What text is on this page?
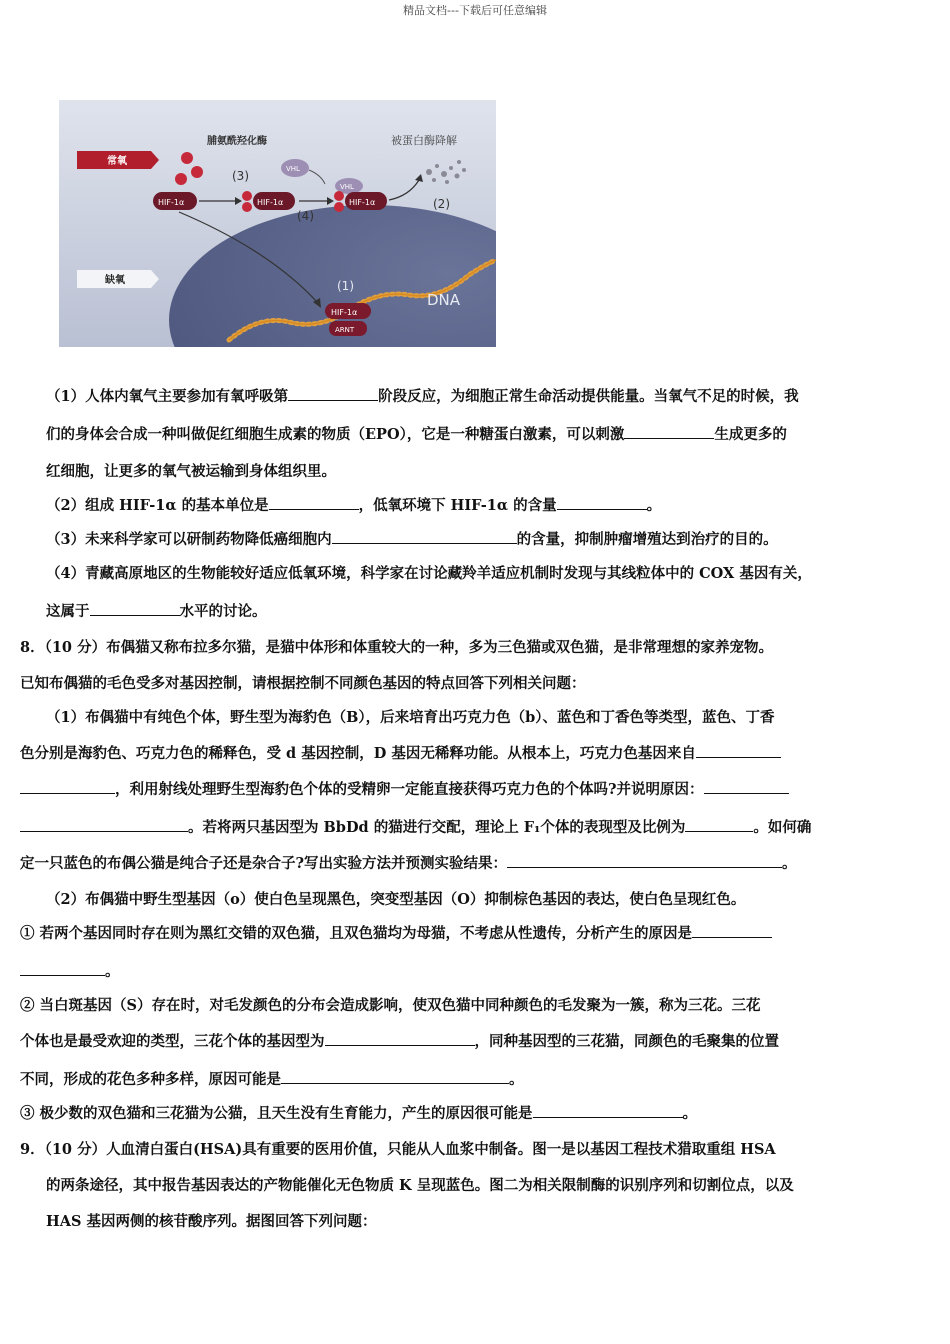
精品文档---下载后可任意编辑
常氧
缺氧
脯氨酰羟化酶	被蛋白酶降解
(3)
HIF-1α	HIF-1α
VHL
(4)
VHL
HIF-1α	(2)
DNA
(1)
HIF-1α
ARNT
（1）人体内氧气主要参加有氧呼吸第	阶段反应，为细胞正常生命活动提供能量。当氧气不足的时候，我
们的身体会合成一种叫做促红细胞生成素的物质（EPO），它是一种糖蛋白激素，可以刺激	生成更多的
红细胞，让更多的氧气被运输到身体组织里。
（2）组成 HIF-1α 的基本单位是	，低氧环境下 HIF-1α 的含量	。
（3）未来科学家可以研制药物降低癌细胞内	的含量，抑制肿瘤增殖达到治疗的目的。
（4）青藏高原地区的生物能较好适应低氧环境，科学家在讨论藏羚羊适应机制时发现与其线粒体中的 COX 基因有关，
这属于	水平的讨论。
8．（10 分）布偶猫又称布拉多尔猫，是猫中体形和体重较大的一种，多为三色猫或双色猫，是非常理想的家养宠物。
已知布偶猫的毛色受多对基因控制，请根据控制不同颜色基因的特点回答下列相关问题：
（1）布偶猫中有纯色个体，野生型为海豹色（B），后来培育出巧克力色（b）、蓝色和丁香色等类型，蓝色、丁香
色分别是海豹色、巧克力色的稀释色，受 d 基因控制，D 基因无稀释功能。从根本上，巧克力色基因来自
，利用射线处理野生型海豹色个体的受精卵一定能直接获得巧克力色的个体吗?并说明原因：
。若将两只基因型为 BbDd 的猫进行交配，理论上 F₁个体的表现型及比例为	。如何确
定一只蓝色的布偶公猫是纯合子还是杂合子?写出实验方法并预测实验结果：	。
（2）布偶猫中野生型基因（o）使白色呈现黑色，突变型基因（O）抑制棕色基因的表达，使白色呈现红色。
① 若两个基因同时存在则为黑红交错的双色猫，且双色猫均为母猫，不考虑从性遗传，分析产生的原因是
。
② 当白斑基因（S）存在时，对毛发颜色的分布会造成影响，使双色猫中同种颜色的毛发聚为一簇，称为三花。三花
个体也是最受欢迎的类型，三花个体的基因型为	，同种基因型的三花猫，同颜色的毛聚集的位置
不同，形成的花色多种多样，原因可能是	。
③ 极少数的双色猫和三花猫为公猫，且天生没有生育能力，产生的原因很可能是	。
9．（10 分）人血清白蛋白(HSA)具有重要的医用价值，只能从人血浆中制备。图一是以基因工程技术猎取重组 HSA
的两条途径，其中报告基因表达的产物能催化无色物质 K 呈现蓝色。图二为相关限制酶的识别序列和切割位点，以及
HAS 基因两侧的核苷酸序列。据图回答下列问题：
